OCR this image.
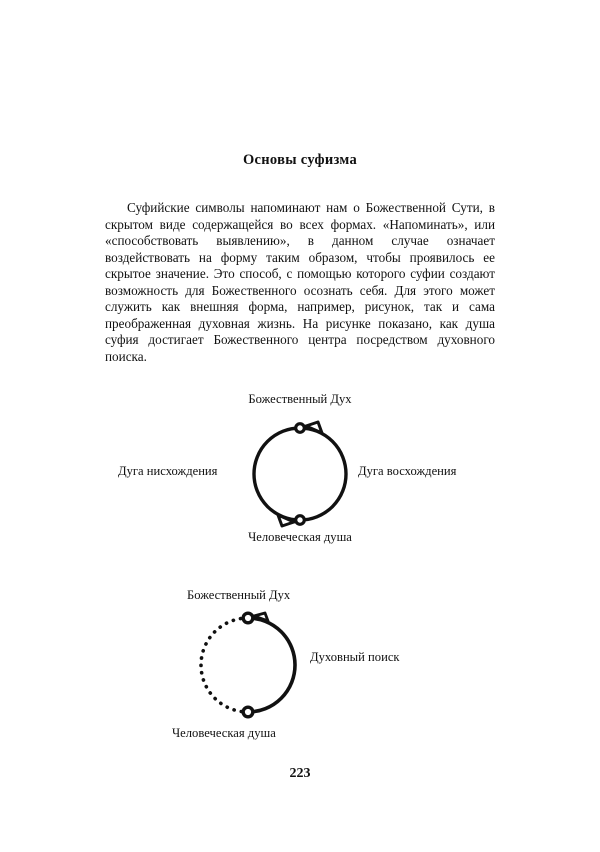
Основы суфизма
Суфийские символы напоминают нам о Божественной Сути, в скрытом виде содержащейся во всех формах. «Напоминать», или «способствовать выявлению», в данном случае означает воздействовать на форму таким образом, чтобы проявилось ее скрытое значение. Это способ, с помощью которого суфии создают возможность для Божественного осознать себя. Для этого может служить как внешняя форма, например, рисунок, так и сама преображенная духовная жизнь. На рисунке показано, как душа суфия достигает Божественного центра посредством духовного поиска.
Божественный Дух
Дуга нисхождения	Дуга восхождения
Человеческая душа
Божественный Дух
Духовный поиск
Человеческая душа
223
